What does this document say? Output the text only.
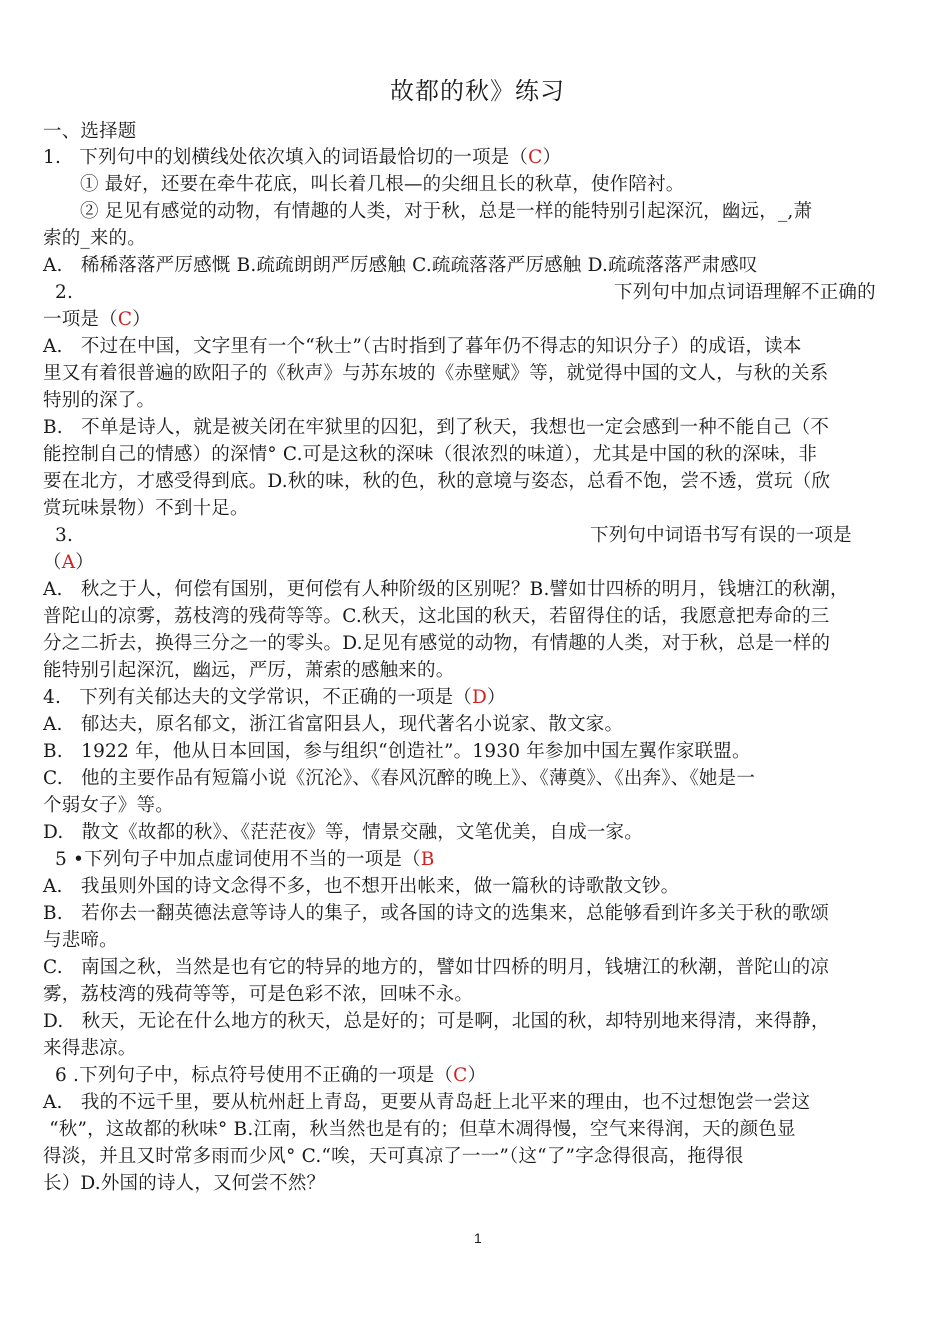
故都的秋》练习
一、选择题
1.   下列句中的划横线处依次填入的词语最恰切的一项是（C）
① 最好，还要在牵牛花底，叫长着几根—的尖细且长的秋草，使作陪衬。
② 足见有感觉的动物，有情趣的人类，对于秋，总是一样的能特别引起深沉，幽远，_,萧
索的_来的。
A.   稀稀落落严厉感慨 B.疏疏朗朗严厉感触 C.疏疏落落严厉感触 D.疏疏落落严肃感叹
2.	下列句中加点词语理解不正确的
一项是（C）
A.   不过在中国，文字里有一个“秋士”（古时指到了暮年仍不得志的知识分子）的成语，读本
里又有着很普遍的欧阳子的《秋声》与苏东坡的《赤壁赋》等，就觉得中国的文人，与秋的关系
特别的深了。
B.   不单是诗人，就是被关闭在牢狱里的囚犯，到了秋天，我想也一定会感到一种不能自己（不
能控制自己的情感）的深情° C.可是这秋的深味（很浓烈的味道），尤其是中国的秋的深味，非
要在北方，才感受得到底。D.秋的味，秋的色，秋的意境与姿态，总看不饱，尝不透，赏玩（欣
赏玩味景物）不到十足。
3.	下列句中词语书写有误的一项是
（A）
A.   秋之于人，何偿有国别，更何偿有人种阶级的区别呢？B.譬如廿四桥的明月，钱塘江的秋潮，
普陀山的凉雾，荔枝湾的残荷等等。C.秋天，这北国的秋天，若留得住的话，我愿意把寿命的三
分之二折去，换得三分之一的零头。D.足见有感觉的动物，有情趣的人类，对于秋，总是一样的
能特别引起深沉，幽远，严厉，萧索的感触来的。
4.   下列有关郁达夫的文学常识，不正确的一项是（D）
A.   郁达夫，原名郁文，浙江省富阳县人，现代著名小说家、散文家。
B.   1922 年，他从日本回国，参与组织“创造社”。1930 年参加中国左翼作家联盟。
C.   他的主要作品有短篇小说《沉沦》、《春风沉醉的晚上》、《薄奠》、《出奔》、《她是一
个弱女子》等。
D.   散文《故都的秋》、《茫茫夜》等，情景交融，文笔优美，自成一家。
5 •下列句子中加点虚词使用不当的一项是（B
A.   我虽则外国的诗文念得不多，也不想开出帐来，做一篇秋的诗歌散文钞。
B.   若你去一翻英德法意等诗人的集子，或各国的诗文的选集来，总能够看到许多关于秋的歌颂
与悲啼。
C.   南国之秋，当然是也有它的特异的地方的，譬如廿四桥的明月，钱塘江的秋潮，普陀山的凉
雾，荔枝湾的残荷等等，可是色彩不浓，回味不永。
D.   秋天，无论在什么地方的秋天，总是好的；可是啊，北国的秋，却特别地来得清，来得静，
来得悲凉。
6 .下列句子中，标点符号使用不正确的一项是（C）
A.   我的不远千里，要从杭州赶上青岛，更要从青岛赶上北平来的理由，也不过想饱尝一尝这
“秋”，这故都的秋味° B.江南，秋当然也是有的；但草木凋得慢，空气来得润，天的颜色显
得淡，并且又时常多雨而少风° C.“唉，天可真凉了一一”（这“了”字念得很高，拖得很
长）D.外国的诗人，又何尝不然？
1
